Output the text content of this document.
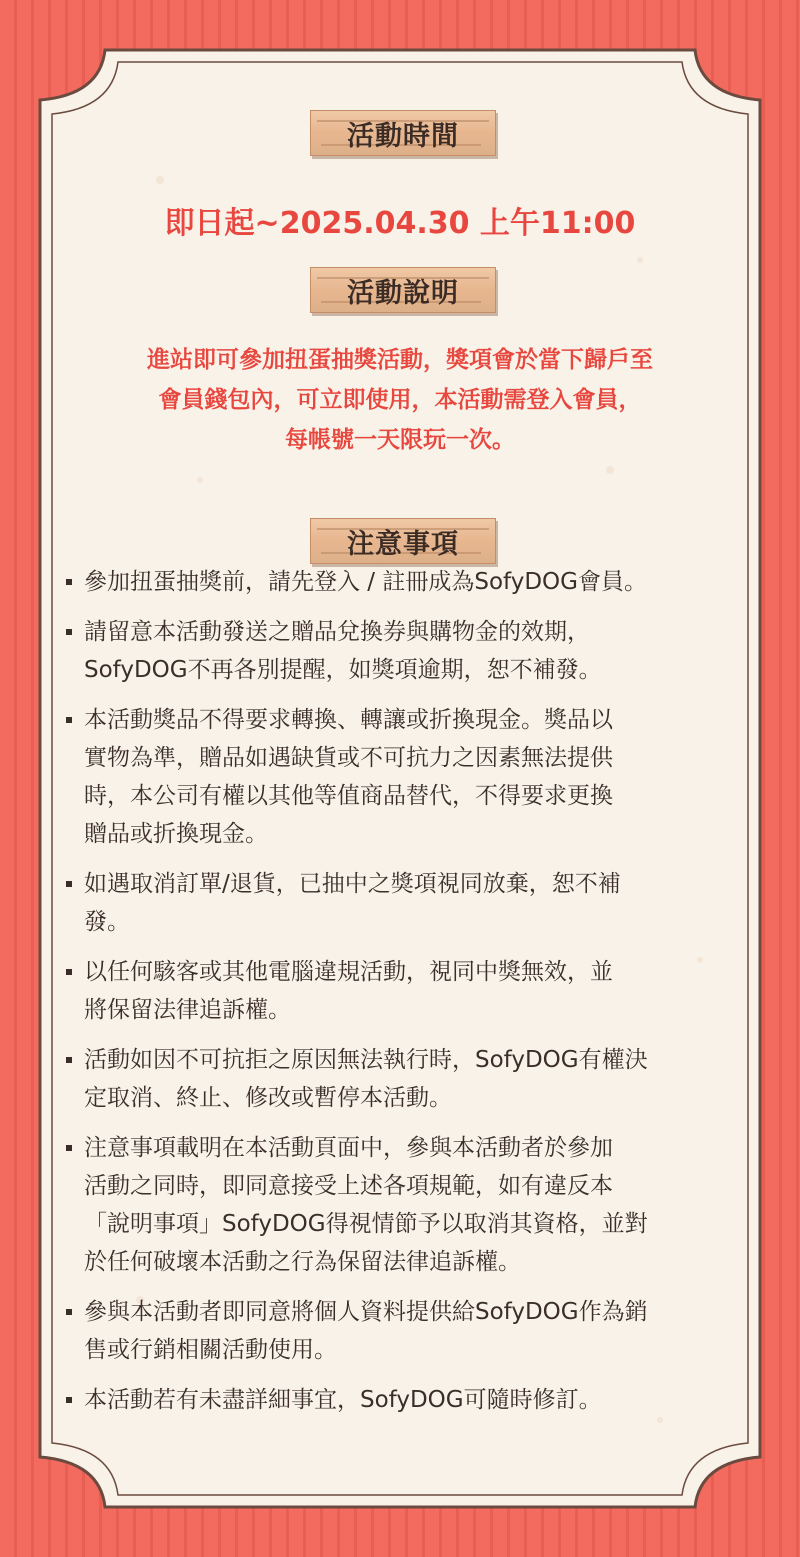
活動時間
即日起~2025.04.30 上午11:00
活動說明
進站即可參加扭蛋抽獎活動，獎項會於當下歸戶至
會員錢包內，可立即使用，本活動需登入會員，
每帳號一天限玩一次。
注意事項
參加扭蛋抽獎前，請先登入 / 註冊成為SofyDOG會員。
請留意本活動發送之贈品兌換券與購物金的效期，
SofyDOG不再各別提醒，如獎項逾期，恕不補發。
本活動獎品不得要求轉換、轉讓或折換現金。獎品以
實物為準，贈品如遇缺貨或不可抗力之因素無法提供
時，本公司有權以其他等值商品替代，不得要求更換
贈品或折換現金。
如遇取消訂單/退貨，已抽中之獎項視同放棄，恕不補
發。
以任何駭客或其他電腦違規活動，視同中獎無效，並
將保留法律追訴權。
活動如因不可抗拒之原因無法執行時，SofyDOG有權決
定取消、終止、修改或暫停本活動。
注意事項載明在本活動頁面中，參與本活動者於參加
活動之同時，即同意接受上述各項規範，如有違反本
「說明事項」SofyDOG得視情節予以取消其資格，並對
於任何破壞本活動之行為保留法律追訴權。
參與本活動者即同意將個人資料提供給SofyDOG作為銷
售或行銷相關活動使用。
本活動若有未盡詳細事宜，SofyDOG可隨時修訂。
